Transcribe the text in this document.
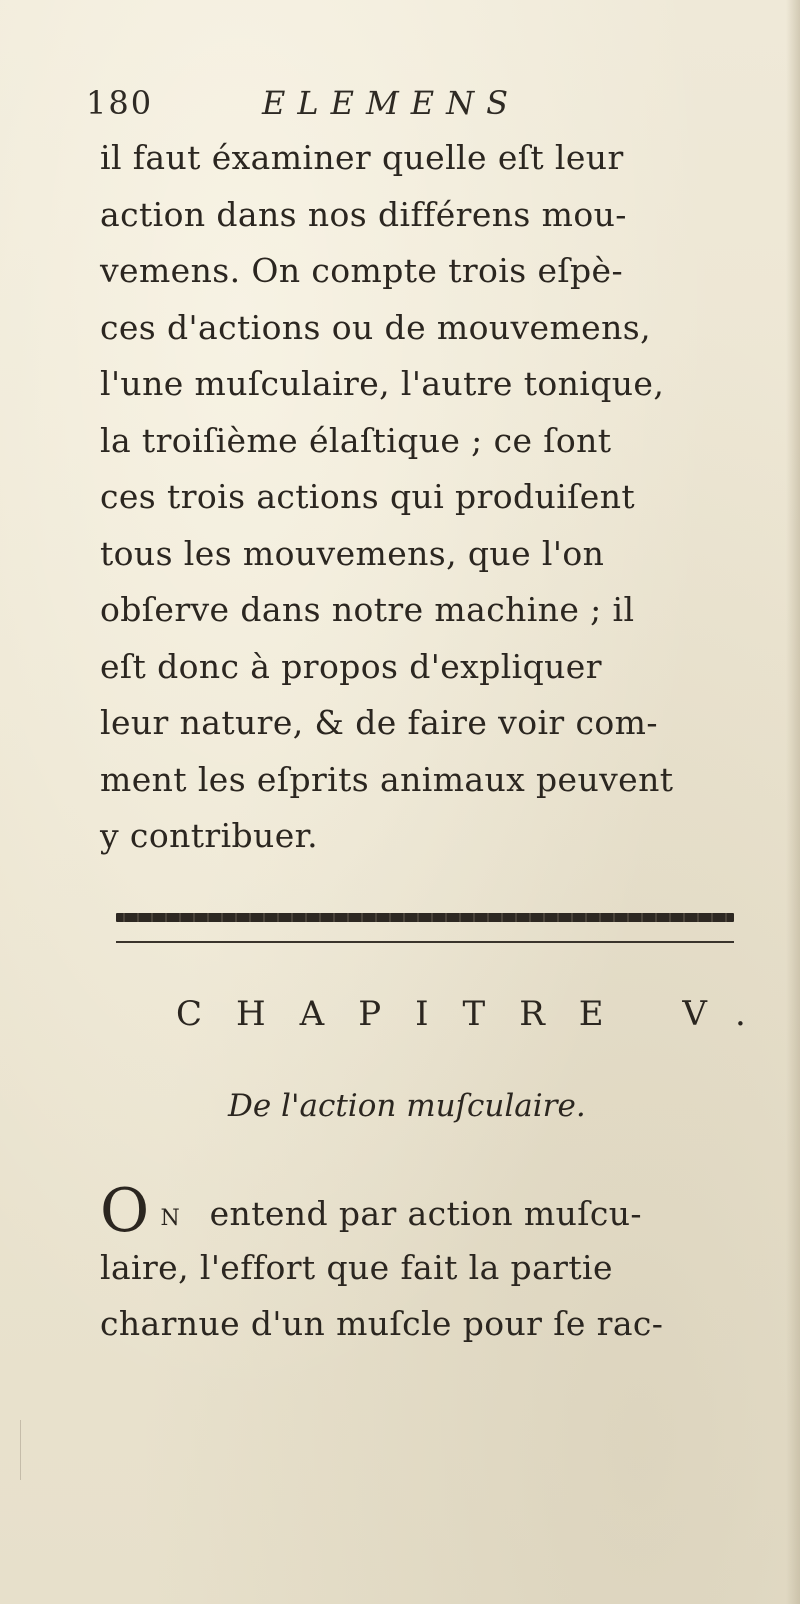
180	ELEMENS

il faut éxaminer quelle eſt leur
action dans nos différens mou-
vemens. On compte trois eſpè-
ces d'actions ou de mouvemens,
l'une muſculaire, l'autre tonique,
la troiſième élaſtique ; ce ſont
ces trois actions qui produiſent
tous les mouvemens, que l'on
obſerve dans notre machine ; il
eſt donc à propos d'expliquer
leur nature, & de faire voir com-
ment les eſprits animaux peuvent
y contribuer.

CHAPITRE V.
De l'action muſculaire.

O N entend par action muſcu-
laire, l'effort que fait la partie
charnue d'un muſcle pour ſe rac-
